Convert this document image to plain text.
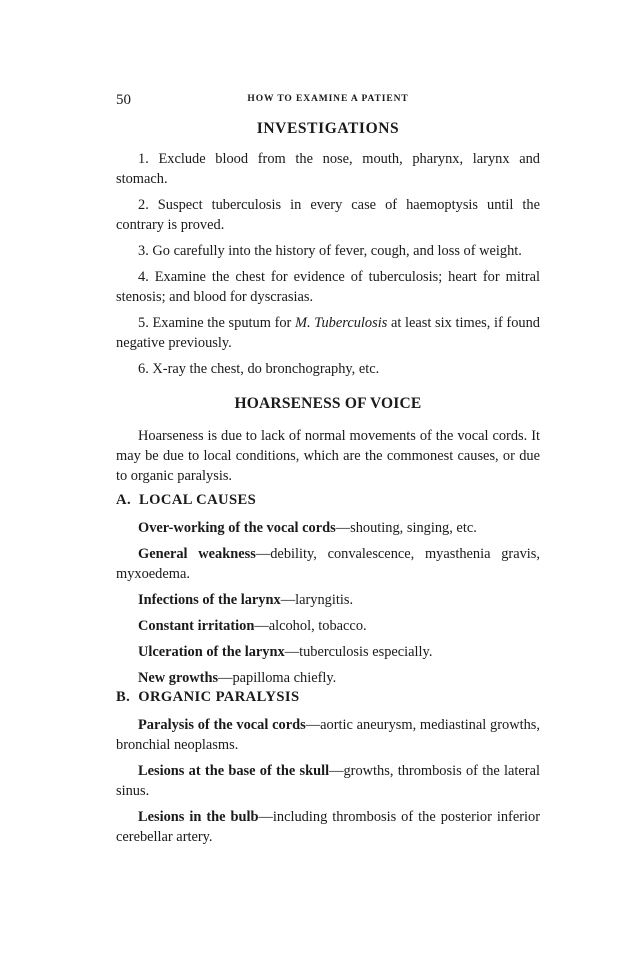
50	HOW TO EXAMINE A PATIENT
INVESTIGATIONS

1. Exclude blood from the nose, mouth, pharynx, larynx and stomach.

2. Suspect tuberculosis in every case of haemoptysis until the contrary is proved.

3. Go carefully into the history of fever, cough, and loss of weight.

4. Examine the chest for evidence of tuberculosis; heart for mitral stenosis; and blood for dyscrasias.

5. Examine the sputum for M. Tuberculosis at least six times, if found negative previously.

6. X-ray the chest, do bronchography, etc.

HOARSENESS OF VOICE

Hoarseness is due to lack of normal movements of the vocal cords. It may be due to local conditions, which are the commonest causes, or due to organic paralysis.

A. LOCAL CAUSES

Over-working of the vocal cords—shouting, singing, etc.

General weakness—debility, convalescence, myasthenia gravis, myxoedema.

Infections of the larynx—laryngitis.

Constant irritation—alcohol, tobacco.

Ulceration of the larynx—tuberculosis especially.

New growths—papilloma chiefly.

B. ORGANIC PARALYSIS

Paralysis of the vocal cords—aortic aneurysm, mediastinal growths, bronchial neoplasms.

Lesions at the base of the skull—growths, thrombosis of the lateral sinus.

Lesions in the bulb—including thrombosis of the posterior inferior cerebellar artery.
